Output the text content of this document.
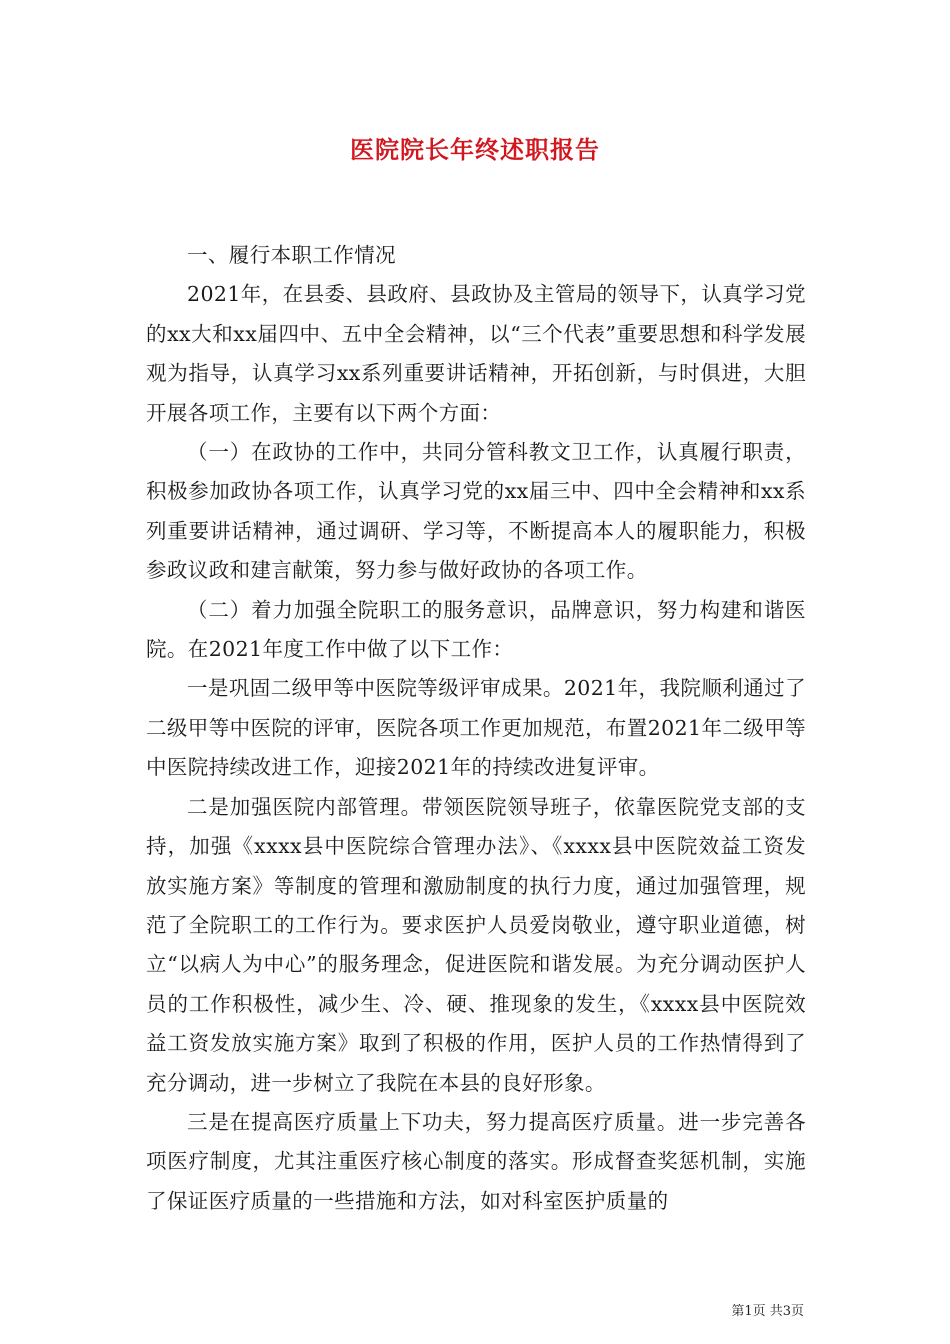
医院院长年终述职报告

一、履行本职工作情况

2021年，在县委、县政府、县政协及主管局的领导下，认真学习党的xx大和xx届四中、五中全会精神，以“三个代表”重要思想和科学发展观为指导，认真学习xx系列重要讲话精神，开拓创新，与时俱进，大胆开展各项工作，主要有以下两个方面：

（一）在政协的工作中，共同分管科教文卫工作，认真履行职责，积极参加政协各项工作，认真学习党的xx届三中、四中全会精神和xx系列重要讲话精神，通过调研、学习等，不断提高本人的履职能力，积极参政议政和建言献策，努力参与做好政协的各项工作。

（二）着力加强全院职工的服务意识，品牌意识，努力构建和谐医院。在2021年度工作中做了以下工作：

一是巩固二级甲等中医院等级评审成果。2021年，我院顺利通过了二级甲等中医院的评审，医院各项工作更加规范，布置2021年二级甲等中医院持续改进工作，迎接2021年的持续改进复评审。

二是加强医院内部管理。带领医院领导班子，依靠医院党支部的支持，加强《xxxx县中医院综合管理办法》、《xxxx县中医院效益工资发放实施方案》等制度的管理和激励制度的执行力度，通过加强管理，规范了全院职工的工作行为。要求医护人员爱岗敬业，遵守职业道德，树立“以病人为中心”的服务理念，促进医院和谐发展。为充分调动医护人员的工作积极性，减少生、冷、硬、推现象的发生，《xxxx县中医院效益工资发放实施方案》取到了积极的作用，医护人员的工作热情得到了充分调动，进一步树立了我院在本县的良好形象。

三是在提高医疗质量上下功夫，努力提高医疗质量。进一步完善各项医疗制度，尤其注重医疗核心制度的落实。形成督查奖惩机制，实施了保证医疗质量的一些措施和方法，如对科室医护质量的

第1页 共3页
